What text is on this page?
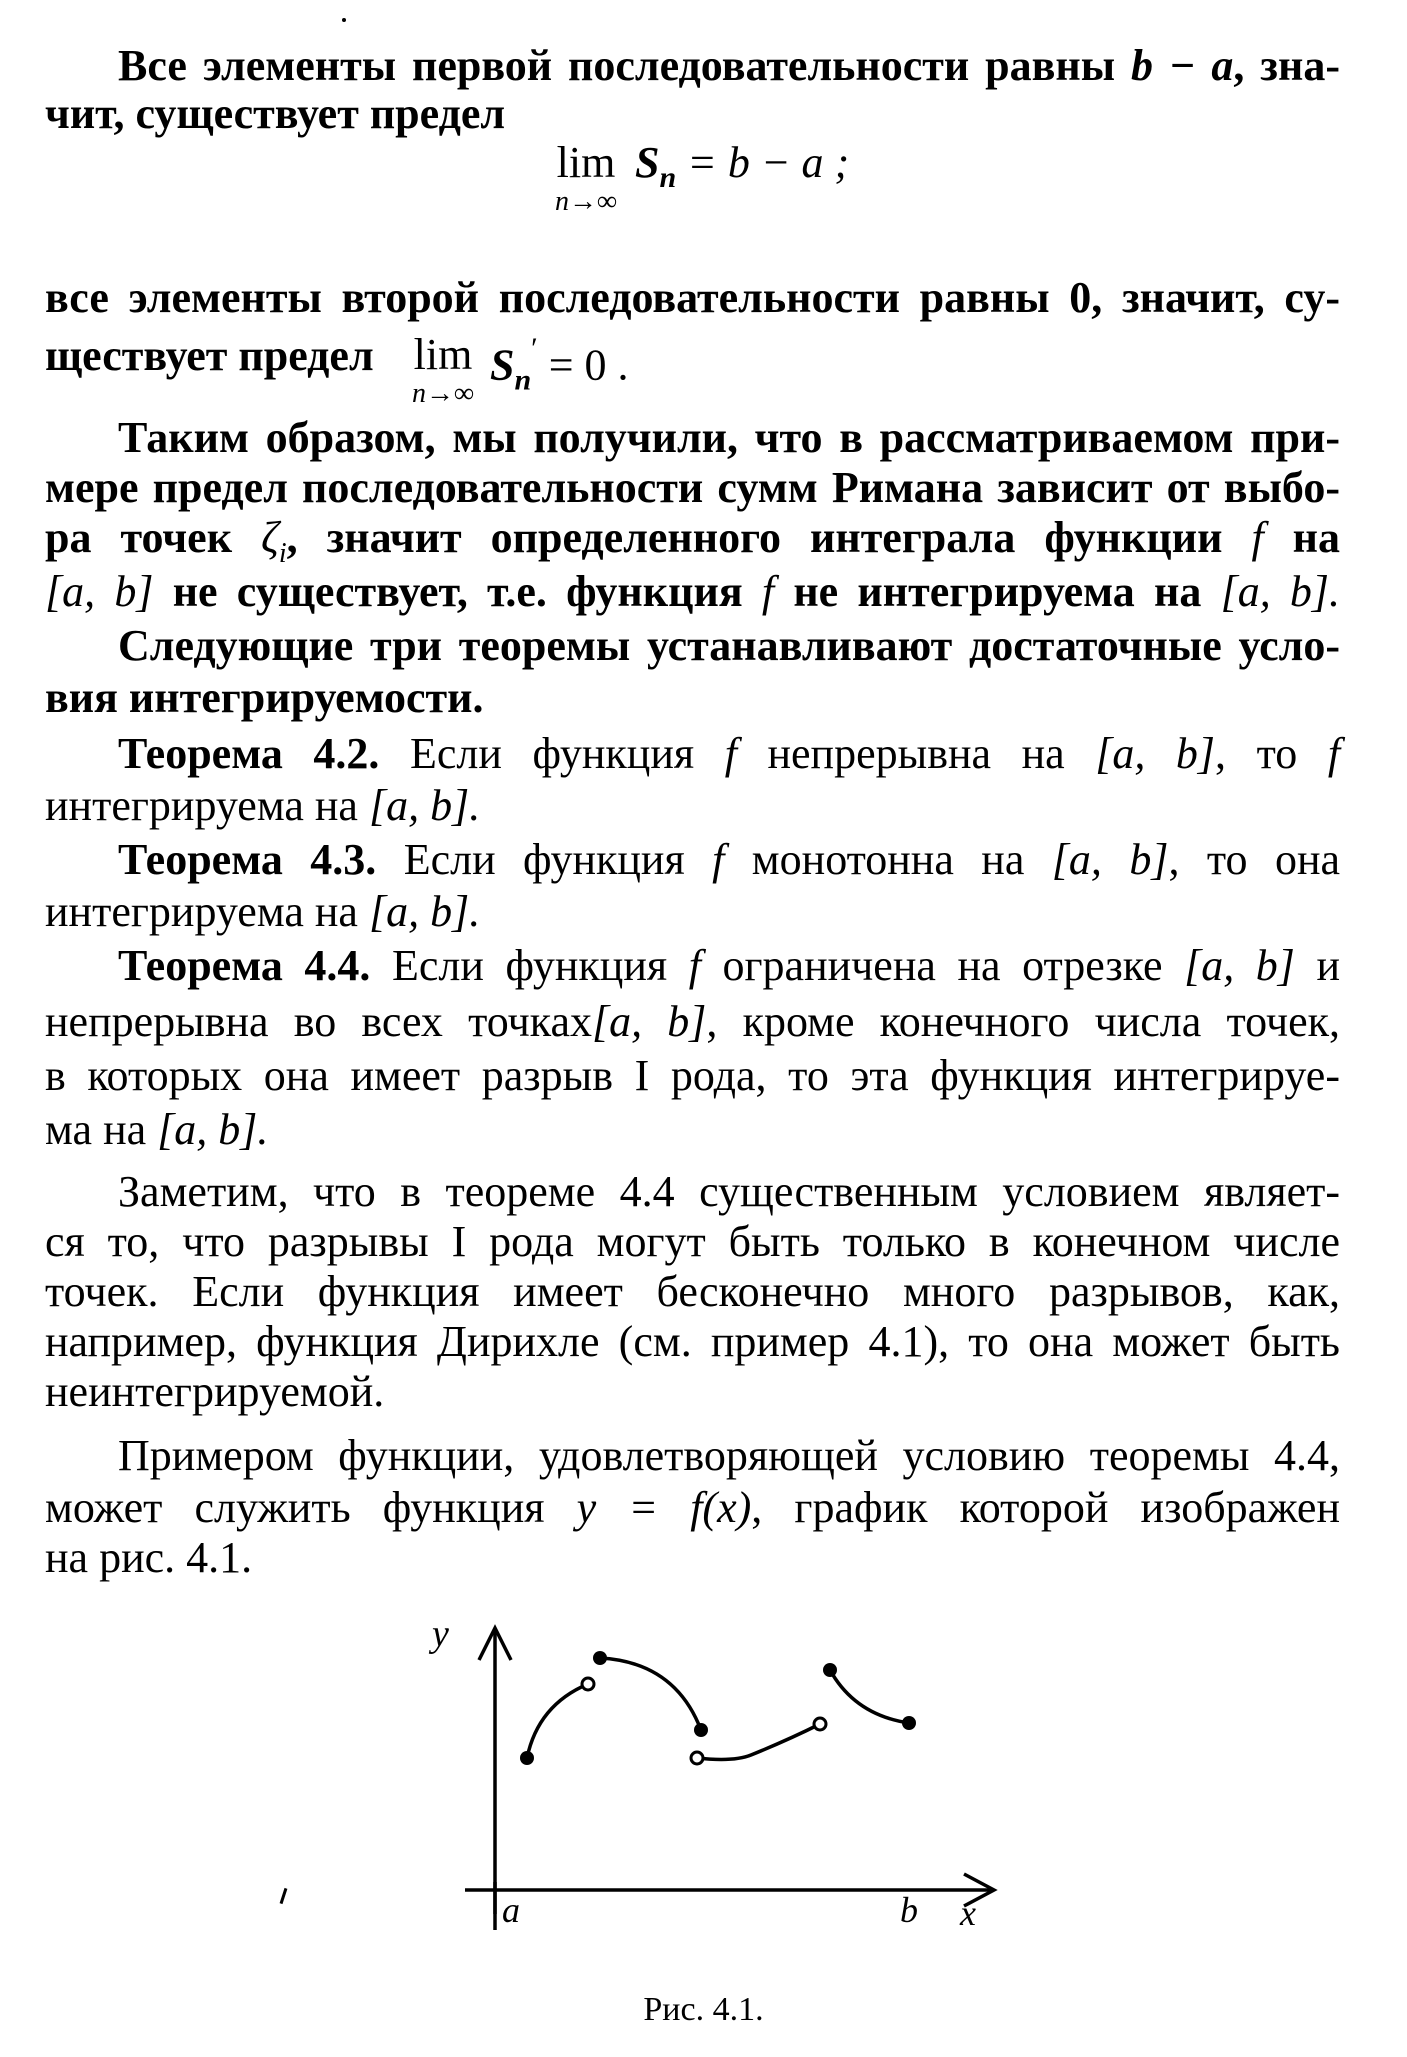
Все элементы первой последовательности равны b − a, зна-
чит, существует предел
lim
n→∞
$S_n = b - a$ ;
все элементы второй последовательности равны 0, значит, су-
ществует предел lim
n→∞
$S_n' = 0$ .
Таким образом, мы получили, что в рассматриваемом при-
мере предел последовательности сумм Римана зависит от выбо-
ра точек $\zeta_i$, значит определенного интеграла функции f на
[a, b] не существует, т.е. функция f не интегрируема на [a, b].
Следующие три теоремы устанавливают достаточные усло-
вия интегрируемости.
Теорема 4.2. Если функция f непрерывна на [a, b], то f
интегрируема на [a, b].
Теорема 4.3. Если функция f монотонна на [a, b], то она
интегрируема на [a, b].
Теорема 4.4. Если функция f ограничена на отрезке [a, b] и
непрерывна во всех точках[a, b], кроме конечного числа точек,
в которых она имеет разрыв I рода, то эта функция интегрируе-
ма на [a, b].
Заметим, что в теореме 4.4 существенным условием являет-
ся то, что разрывы I рода могут быть только в конечном числе
точек. Если функция имеет бесконечно много разрывов, как,
например, функция Дирихле (см. пример 4.1), то она может быть
неинтегрируемой.
Примером функции, удовлетворяющей условию теоремы 4.4,
может служить функция y = f(x), график которой изображен
на рис. 4.1.
y
a	b x
Рис. 4.1.
